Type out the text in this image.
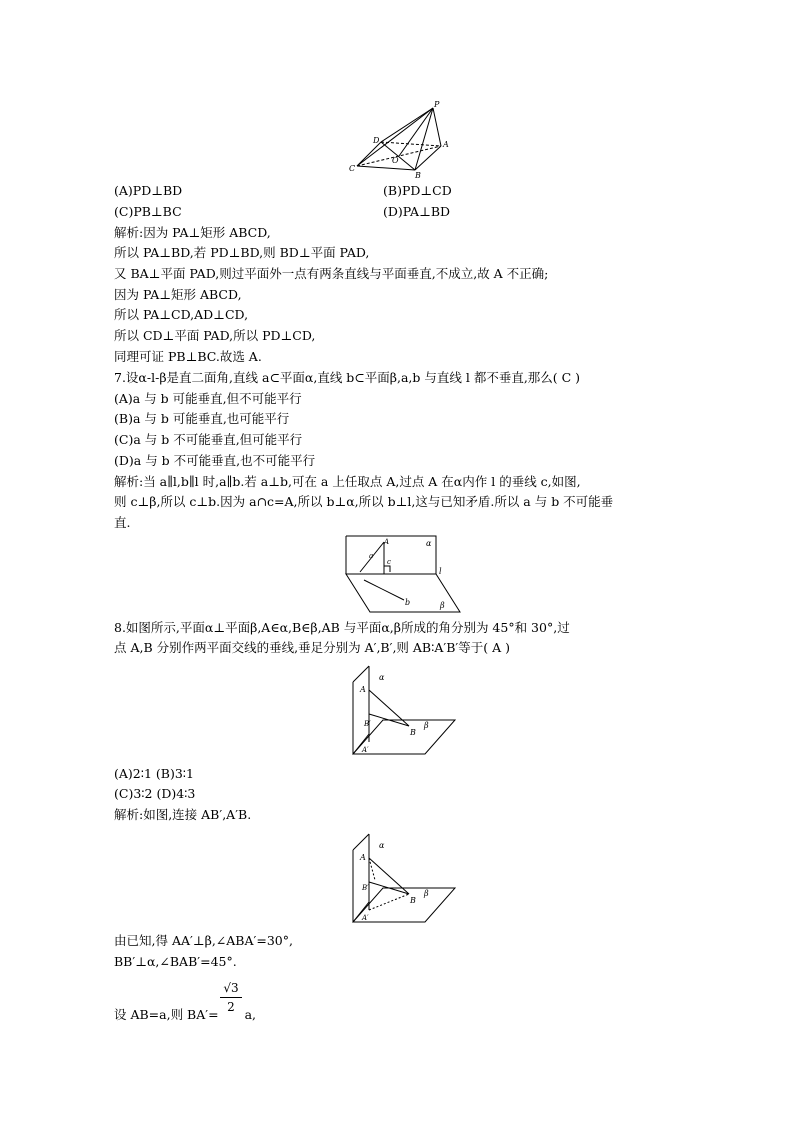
P
D	A
O
C
B
(A)PD⊥BD	(B)PD⊥CD
(C)PB⊥BC	(D)PA⊥BD
解析:因为 PA⊥矩形 ABCD,
所以 PA⊥BD,若 PD⊥BD,则 BD⊥平面 PAD,
又 BA⊥平面 PAD,则过平面外一点有两条直线与平面垂直,不成立,故 A 不正确;
因为 PA⊥矩形 ABCD,
所以 PA⊥CD,AD⊥CD,
所以 CD⊥平面 PAD,所以 PD⊥CD,
同理可证 PB⊥BC.故选 A.
7.设α-l-β是直二面角,直线 a⊂平面α,直线 b⊂平面β,a,b 与直线 l 都不垂直,那么( C )
(A)a 与 b 可能垂直,但不可能平行
(B)a 与 b 可能垂直,也可能平行
(C)a 与 b 不可能垂直,但可能平行
(D)a 与 b 不可能垂直,也不可能平行
解析:当 a∥l,b∥l 时,a∥b.若 a⊥b,可在 a 上任取点 A,过点 A 在α内作 l 的垂线 c,如图,
则 c⊥β,所以 c⊥b.因为 a∩c=A,所以 b⊥α,所以 b⊥l,这与已知矛盾.所以 a 与 b 不可能垂
直.
α
A
a
c
l
b	β
8.如图所示,平面α⊥平面β,A∈α,B∈β,AB 与平面α,β所成的角分别为 45°和 30°,过
点 A,B 分别作两平面交线的垂线,垂足分别为 A′,B′,则 AB∶A′B′等于( A )
α
A
B′
B
β
A′
(A)2∶1 (B)3∶1
(C)3∶2 (D)4∶3
解析:如图,连接 AB′,A′B.
α
A
B′
B
β
A′
由已知,得 AA′⊥β,∠ABA′=30°,
BB′⊥α,∠BAB′=45°.
设 AB=a,则 BA′= a,
√3
2
